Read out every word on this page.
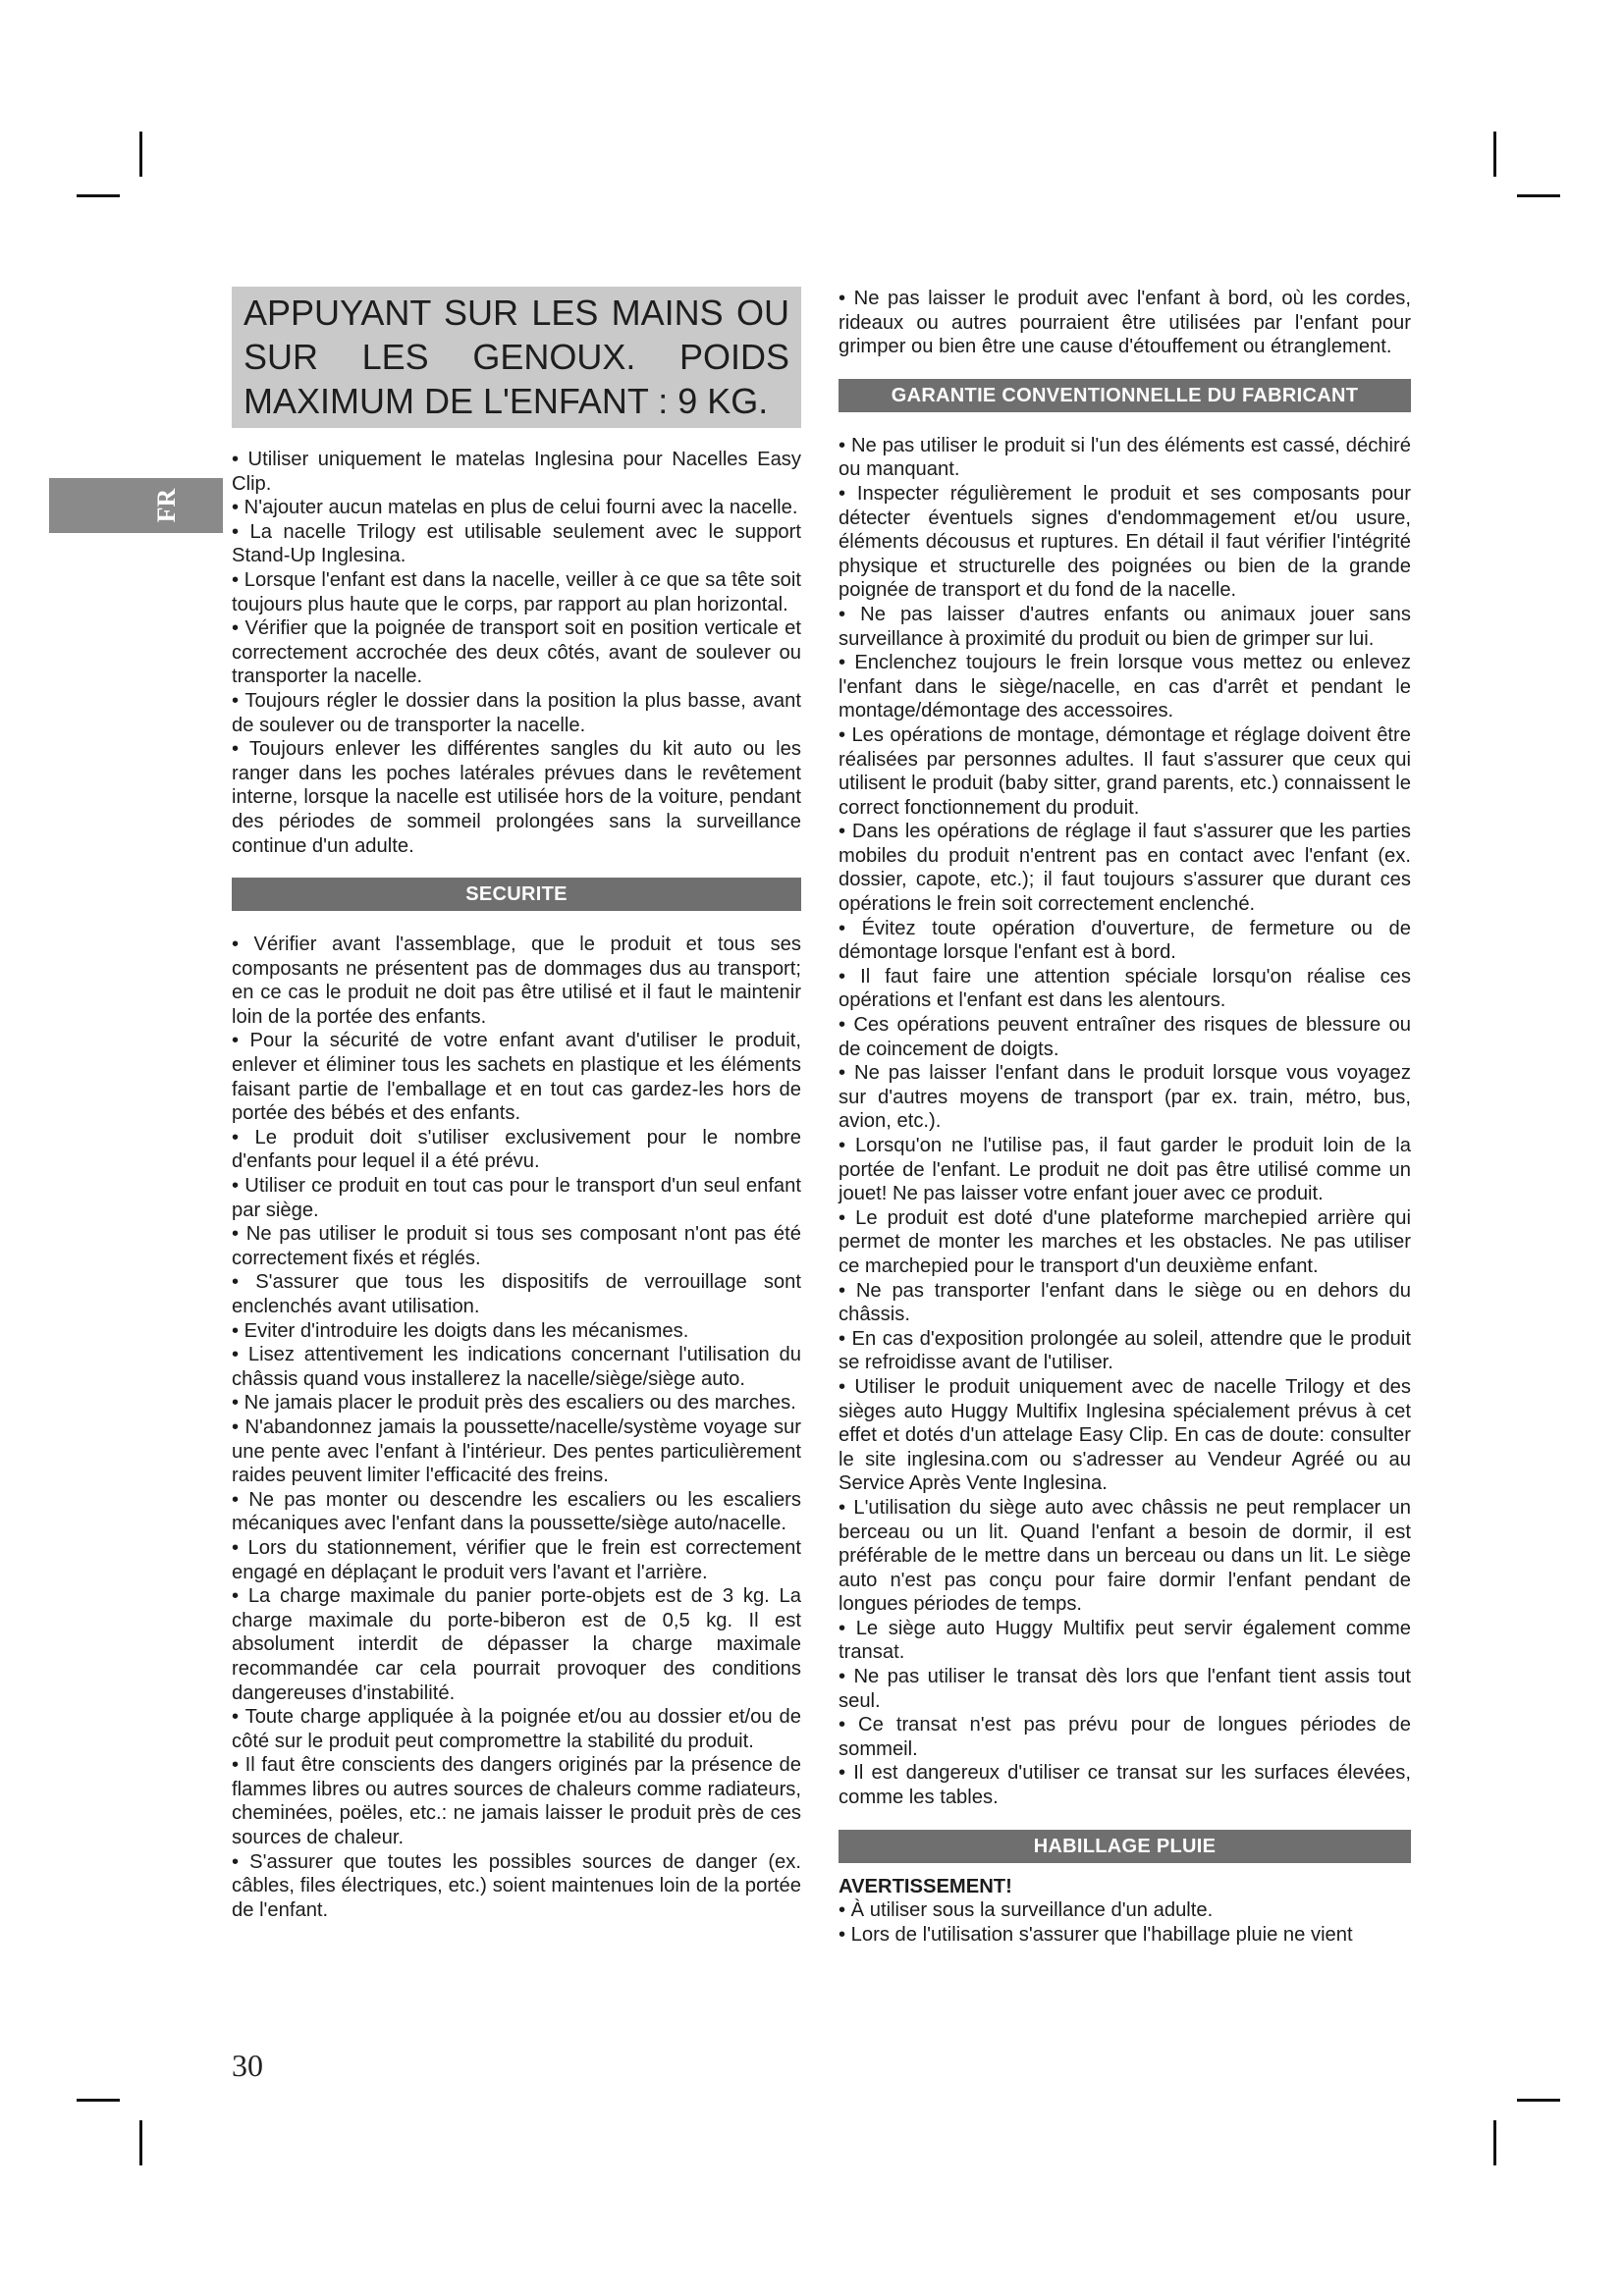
FR
APPUYANT SUR LES MAINS OU SUR LES GENOUX. POIDS MAXIMUM DE L'ENFANT : 9 KG.

• Utiliser uniquement le matelas Inglesina pour Nacelles Easy Clip.

• N'ajouter aucun matelas en plus de celui fourni avec la nacelle.

• La nacelle Trilogy est utilisable seulement avec le support Stand-Up Inglesina.

• Lorsque l'enfant est dans la nacelle, veiller à ce que sa tête soit toujours plus haute que le corps, par rapport au plan horizontal.

• Vérifier que la poignée de transport soit en position verticale et correctement accrochée des deux côtés, avant de soulever ou transporter la nacelle.

• Toujours régler le dossier dans la position la plus basse, avant de soulever ou de transporter la nacelle.

• Toujours enlever les différentes sangles du kit auto ou les ranger dans les poches latérales prévues dans le revêtement interne, lorsque la nacelle est utilisée hors de la voiture, pendant des périodes de sommeil prolongées sans la surveillance continue d'un adulte.

SECURITE

• Vérifier avant l'assemblage, que le produit et tous ses composants ne présentent pas de dommages dus au transport; en ce cas le produit ne doit pas être utilisé et il faut le maintenir loin de la portée des enfants.

• Pour la sécurité de votre enfant avant d'utiliser le produit, enlever et éliminer tous les sachets en plastique et les éléments faisant partie de l'emballage et en tout cas gardez-les hors de portée des bébés et des enfants.

• Le produit doit s'utiliser exclusivement pour le nombre d'enfants pour lequel il a été prévu.

• Utiliser ce produit en tout cas pour le transport d'un seul enfant par siège.

• Ne pas utiliser le produit si tous ses composant n'ont pas été correctement fixés et réglés.

• S'assurer que tous les dispositifs de verrouillage sont enclenchés avant utilisation.

• Eviter d'introduire les doigts dans les mécanismes.

• Lisez attentivement les indications concernant l'utilisation du châssis quand vous installerez la nacelle/siège/siège auto.

• Ne jamais placer le produit près des escaliers ou des marches.

• N'abandonnez jamais la poussette/nacelle/système voyage sur une pente avec l'enfant à l'intérieur. Des pentes particulièrement raides peuvent limiter l'efficacité des freins.

• Ne pas monter ou descendre les escaliers ou les escaliers mécaniques avec l'enfant dans la poussette/siège auto/nacelle.

• Lors du stationnement, vérifier que le frein est correctement engagé en déplaçant le produit vers l'avant et l'arrière.

• La charge maximale du panier porte-objets est de 3 kg. La charge maximale du porte-biberon est de 0,5 kg. Il est absolument interdit de dépasser la charge maximale recommandée car cela pourrait provoquer des conditions dangereuses d'instabilité.

• Toute charge appliquée à la poignée et/ou au dossier et/ou de côté sur le produit peut compromettre la stabilité du produit.

• Il faut être conscients des dangers originés par la présence de flammes libres ou autres sources de chaleurs comme radiateurs, cheminées, poëles, etc.: ne jamais laisser le produit près de ces sources de chaleur.

• S'assurer que toutes les possibles sources de danger (ex. câbles, files électriques, etc.) soient maintenues loin de la portée de l'enfant.

• Ne pas laisser le produit avec l'enfant à bord, où les cordes, rideaux ou autres pourraient être utilisées par l'enfant pour grimper ou bien être une cause d'étouffement ou étranglement.

GARANTIE CONVENTIONNELLE DU FABRICANT

• Ne pas utiliser le produit si l'un des éléments est cassé, déchiré ou manquant.

• Inspecter régulièrement le produit et ses composants pour détecter éventuels signes d'endommagement et/ou usure, éléments décousus et ruptures. En détail il faut vérifier l'intégrité physique et structurelle des poignées ou bien de la grande poignée de transport et du fond de la nacelle.

• Ne pas laisser d'autres enfants ou animaux jouer sans surveillance à proximité du produit ou bien de grimper sur lui.

• Enclenchez toujours le frein lorsque vous mettez ou enlevez l'enfant dans le siège/nacelle, en cas d'arrêt et pendant le montage/démontage des accessoires.

• Les opérations de montage, démontage et réglage doivent être réalisées par personnes adultes. Il faut s'assurer que ceux qui utilisent le produit (baby sitter, grand parents, etc.) connaissent le correct fonctionnement du produit.

• Dans les opérations de réglage il faut s'assurer que les parties mobiles du produit n'entrent pas en contact avec l'enfant (ex. dossier, capote, etc.); il faut toujours s'assurer que durant ces opérations le frein soit correctement enclenché.

• Évitez toute opération d'ouverture, de fermeture ou de démontage lorsque l'enfant est à bord.

• Il faut faire une attention spéciale lorsqu'on réalise ces opérations et l'enfant est dans les alentours.

• Ces opérations peuvent entraîner des risques de blessure ou de coincement de doigts.

• Ne pas laisser l'enfant dans le produit lorsque vous voyagez sur d'autres moyens de transport (par ex. train, métro, bus, avion, etc.).

• Lorsqu'on ne l'utilise pas, il faut garder le produit loin de la portée de l'enfant. Le produit ne doit pas être utilisé comme un jouet! Ne pas laisser votre enfant jouer avec ce produit.

• Le produit est doté d'une plateforme marchepied arrière qui permet de monter les marches et les obstacles. Ne pas utiliser ce marchepied pour le transport d'un deuxième enfant.

• Ne pas transporter l'enfant dans le siège ou en dehors du châssis.

• En cas d'exposition prolongée au soleil, attendre que le produit se refroidisse avant de l'utiliser.

• Utiliser le produit uniquement avec de nacelle Trilogy et des sièges auto Huggy Multifix Inglesina spécialement prévus à cet effet et dotés d'un attelage Easy Clip. En cas de doute: consulter le site inglesina.com ou s'adresser au Vendeur Agréé ou au Service Après Vente Inglesina.

• L'utilisation du siège auto avec châssis ne peut remplacer un berceau ou un lit. Quand l'enfant a besoin de dormir, il est préférable de le mettre dans un berceau ou dans un lit. Le siège auto n'est pas conçu pour faire dormir l'enfant pendant de longues périodes de temps.

• Le siège auto Huggy Multifix peut servir également comme transat.

• Ne pas utiliser le transat dès lors que l'enfant tient assis tout seul.

• Ce transat n'est pas prévu pour de longues périodes de sommeil.

• Il est dangereux d'utiliser ce transat sur les surfaces élevées, comme les tables.

HABILLAGE PLUIE

AVERTISSEMENT!

• À utiliser sous la surveillance d'un adulte.

• Lors de l'utilisation s'assurer que l'habillage pluie ne vient

30
